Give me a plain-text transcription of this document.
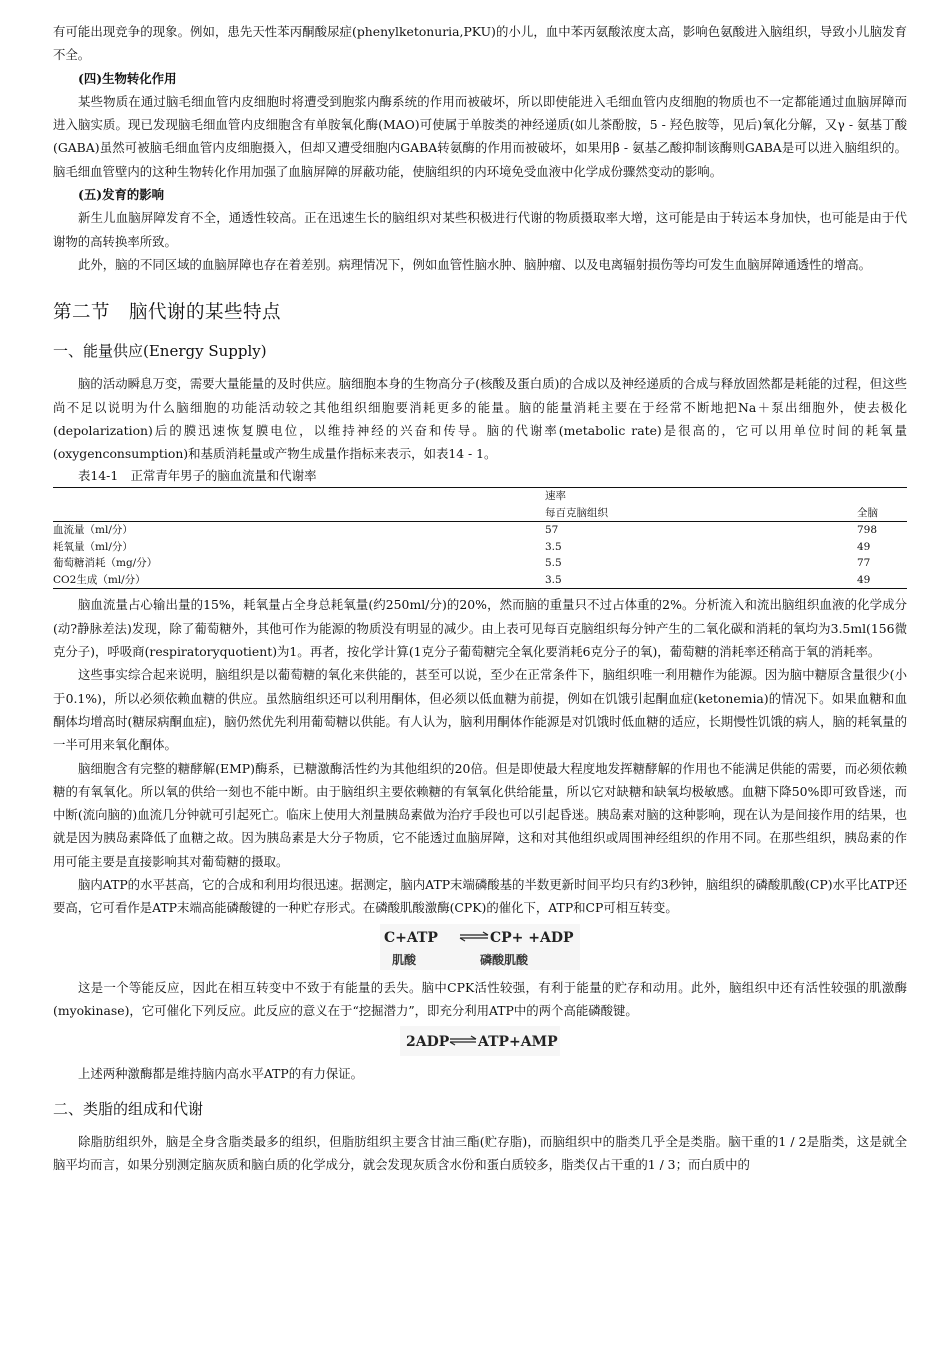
有可能出现竞争的现象。例如，患先天性苯丙酮酸尿症(phenylketonuria,PKU)的小儿，血中苯丙氨酸浓度太高，影响色氨酸进入脑组织，导致小儿脑发育不全。

(四)生物转化作用

某些物质在通过脑毛细血管内皮细胞时将遭受到胞浆内酶系统的作用而被破坏，所以即使能进入毛细血管内皮细胞的物质也不一定都能通过血脑屏障而进入脑实质。现已发现脑毛细血管内皮细胞含有单胺氧化酶(MAO)可使属于单胺类的神经递质(如儿茶酚胺，5 - 羟色胺等，见后)氧化分解，又γ - 氨基丁酸(GABA)虽然可被脑毛细血管内皮细胞摄入，但却又遭受细胞内GABA转氨酶的作用而被破坏，如果用β - 氨基乙酸抑制该酶则GABA是可以进入脑组织的。脑毛细血管壁内的这种生物转化作用加强了血脑屏障的屏蔽功能，使脑组织的内环境免受血液中化学成份骤然变动的影响。

(五)发育的影响

新生儿血脑屏障发育不全，通透性较高。正在迅速生长的脑组织对某些积极进行代谢的物质摄取率大增，这可能是由于转运本身加快，也可能是由于代谢物的高转换率所致。

此外，脑的不同区域的血脑屏障也存在着差别。病理情况下，例如血管性脑水肿、脑肿瘤、以及电离辐射损伤等均可发生血脑屏障通透性的增高。

第二节　脑代谢的某些特点
一、能量供应(Energy Supply)

脑的活动瞬息万变，需要大量能量的及时供应。脑细胞本身的生物高分子(核酸及蛋白质)的合成以及神经递质的合成与释放固然都是耗能的过程，但这些尚不足以说明为什么脑细胞的功能活动较之其他组织细胞要消耗更多的能量。脑的能量消耗主要在于经常不断地把Na＋泵出细胞外，使去极化(depolarization)后的膜迅速恢复膜电位，以维持神经的兴奋和传导。脑的代谢率(metabolic rate)是很高的，它可以用单位时间的耗氧量(oxygenconsumption)和基质消耗量或产物生成量作指标来表示，如表14 - 1。

表14-1　正常青年男子的脑血流量和代谢率
	速率	
	每百克脑组织	全脑
血流量（ml/分）	57	798
耗氧量（ml/分）	3.5	49
葡萄糖消耗（mg/分）	5.5	77
CO2生成（ml/分）	3.5	49

脑血流量占心输出量的15%，耗氧量占全身总耗氧量(约250ml/分)的20%，然而脑的重量只不过占体重的2%。分析流入和流出脑组织血液的化学成分(动?静脉差法)发现，除了葡萄糖外，其他可作为能源的物质没有明显的减少。由上表可见每百克脑组织每分钟产生的二氧化碳和消耗的氧均为3.5ml(156微克分子)，呼吸商(respiratoryquotient)为1。再者，按化学计算(1克分子葡萄糖完全氧化要消耗6克分子的氧)，葡萄糖的消耗率还稍高于氧的消耗率。

这些事实综合起来说明，脑组织是以葡萄糖的氧化来供能的，甚至可以说，至少在正常条件下，脑组织唯一利用糖作为能源。因为脑中糖原含量很少(小于0.1%)，所以必须依赖血糖的供应。虽然脑组织还可以利用酮体，但必须以低血糖为前提，例如在饥饿引起酮血症(ketonemia)的情况下。如果血糖和血酮体均增高时(糖尿病酮血症)，脑仍然优先利用葡萄糖以供能。有人认为，脑利用酮体作能源是对饥饿时低血糖的适应，长期慢性饥饿的病人，脑的耗氧量的一半可用来氧化酮体。

脑细胞含有完整的糖酵解(EMP)酶系，已糖激酶活性约为其他组织的20倍。但是即使最大程度地发挥糖酵解的作用也不能满足供能的需要，而必须依赖糖的有氧氧化。所以氧的供给一刻也不能中断。由于脑组织主要依赖糖的有氧氧化供给能量，所以它对缺糖和缺氧均极敏感。血糖下降50%即可致昏迷，而中断(流向脑的)血流几分钟就可引起死亡。临床上使用大剂量胰岛素做为治疗手段也可以引起昏迷。胰岛素对脑的这种影响，现在认为是间接作用的结果，也就是因为胰岛素降低了血糖之故。因为胰岛素是大分子物质，它不能透过血脑屏障，这和对其他组织或周围神经组织的作用不同。在那些组织，胰岛素的作用可能主要是直接影响其对葡萄糖的摄取。

脑内ATP的水平甚高，它的合成和利用均很迅速。据测定，脑内ATP末端磷酸基的半数更新时间平均只有约3秒钟，脑组织的磷酸肌酸(CP)水平比ATP还要高，它可看作是ATP末端高能磷酸键的一种贮存形式。在磷酸肌酸激酶(CPK)的催化下，ATP和CP可相互转变。

C+ATP	CP+ +ADP
肌酸	磷酸肌酸

这是一个等能反应，因此在相互转变中不致于有能量的丢失。脑中CPK活性较强，有利于能量的贮存和动用。此外，脑组织中还有活性较强的肌激酶(myokinase)，它可催化下列反应。此反应的意义在于“挖掘潜力”，即充分利用ATP中的两个高能磷酸键。

2ADP ATP+AMP

上述两种激酶都是维持脑内高水平ATP的有力保证。

二、类脂的组成和代谢

除脂肪组织外，脑是全身含脂类最多的组织，但脂肪组织主要含甘油三酯(贮存脂)，而脑组织中的脂类几乎全是类脂。脑干重的1 / 2是脂类，这是就全脑平均而言，如果分别测定脑灰质和脑白质的化学成分，就会发现灰质含水份和蛋白质较多，脂类仅占干重的1 / 3；而白质中的
